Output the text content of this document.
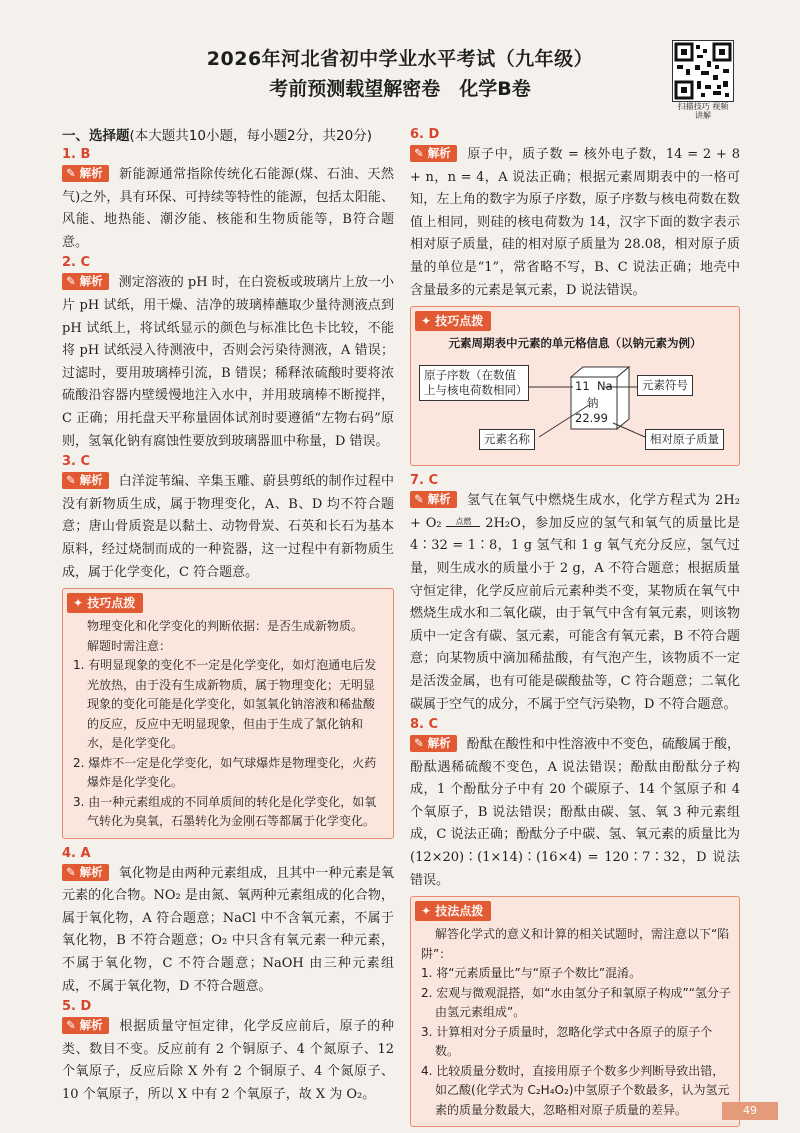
2026年河北省初中学业水平考试（九年级）
考前预测载望解密卷　化学B卷
扫描技巧 视频讲解
一、选择题(本大题共10小题，每小题2分，共20分)
1. B

✎ 解析 新能源通常指除传统化石能源(煤、石油、天然气)之外，具有环保、可持续等特性的能源，包括太阳能、风能、地热能、潮汐能、核能和生物质能等，B符合题意。

2. C

✎ 解析 测定溶液的 pH 时，在白瓷板或玻璃片上放一小片 pH 试纸，用干燥、洁净的玻璃棒蘸取少量待测液点到 pH 试纸上，将试纸显示的颜色与标准比色卡比较，不能将 pH 试纸浸入待测液中，否则会污染待测液，A 错误；过滤时，要用玻璃棒引流，B 错误；稀释浓硫酸时要将浓硫酸沿容器内壁缓慢地注入水中，并用玻璃棒不断搅拌，C 正确；用托盘天平称量固体试剂时要遵循“左物右码”原则，氢氧化钠有腐蚀性要放到玻璃器皿中称量，D 错误。

3. C

✎ 解析 白洋淀苇编、辛集玉雕、蔚县剪纸的制作过程中没有新物质生成，属于物理变化，A、B、D 均不符合题意；唐山骨质瓷是以黏土、动物骨炭、石英和长石为基本原料，经过烧制而成的一种瓷器，这一过程中有新物质生成，属于化学变化，C 符合题意。

✦ 技巧点拨

物理变化和化学变化的判断依据：是否生成新物质。

解题时需注意：

1. 有明显现象的变化不一定是化学变化，如灯泡通电后发光放热，由于没有生成新物质，属于物理变化；无明显现象的变化可能是化学变化，如氢氧化钠溶液和稀盐酸的反应，反应中无明显现象，但由于生成了氯化钠和水，是化学变化。

2. 爆炸不一定是化学变化，如气球爆炸是物理变化，火药爆炸是化学变化。

3. 由一种元素组成的不同单质间的转化是化学变化，如氧气转化为臭氧，石墨转化为金刚石等都属于化学变化。

4. A

✎ 解析 氧化物是由两种元素组成，且其中一种元素是氧元素的化合物。NO₂ 是由氮、氧两种元素组成的化合物，属于氧化物，A 符合题意；NaCl 中不含氧元素，不属于氧化物，B 不符合题意；O₂ 中只含有氧元素一种元素，不属于氧化物，C 不符合题意；NaOH 由三种元素组成，不属于氧化物，D 不符合题意。

5. D

✎ 解析 根据质量守恒定律，化学反应前后，原子的种类、数目不变。反应前有 2 个铜原子、4 个氮原子、12 个氧原子，反应后除 X 外有 2 个铜原子、4 个氮原子、10 个氧原子，所以 X 中有 2 个氧原子，故 X 为 O₂。

6. D

✎ 解析 原子中，质子数 = 核外电子数，14 = 2 + 8 + n，n = 4，A 说法正确；根据元素周期表中的一格可知，左上角的数字为原子序数，原子序数与核电荷数在数值上相同，则硅的核电荷数为 14，汉字下面的数字表示相对原子质量，硅的相对原子质量为 28.08，相对原子质量的单位是“1”，常省略不写，B、C 说法正确；地壳中含量最多的元素是氧元素，D 说法错误。

✦ 技巧点拨
元素周期表中元素的单元格信息（以钠元素为例）
原子序数（在数值上与核电荷数相同）	元素符号
元素名称	相对原子质量
11 Na
钠
22.99
7. C

✎ 解析 氢气在氧气中燃烧生成水，化学方程式为 2H₂ + O₂	点燃	2H₂O，参加反应的氢气和氧气的质量比是 4∶32 = 1∶8，1 g 氢气和 1 g 氧气充分反应，氢气过量，则生成水的质量小于 2 g，A 不符合题意；根据质量守恒定律，化学反应前后元素种类不变，某物质在氧气中燃烧生成水和二氧化碳，由于氧气中含有氧元素，则该物质中一定含有碳、氢元素，可能含有氧元素，B 不符合题意；向某物质中滴加稀盐酸，有气泡产生，该物质不一定是活泼金属，也有可能是碳酸盐等，C 符合题意；二氧化碳属于空气的成分，不属于空气污染物，D 不符合题意。

8. C

✎ 解析 酚酞在酸性和中性溶液中不变色，硫酸属于酸，酚酞遇稀硫酸不变色，A 说法错误；酚酞由酚酞分子构成，1 个酚酞分子中有 20 个碳原子、14 个氢原子和 4 个氧原子，B 说法错误；酚酞由碳、氢、氧 3 种元素组成，C 说法正确；酚酞分子中碳、氢、氧元素的质量比为 (12×20)∶(1×14)∶(16×4) = 120∶7∶32，D 说法错误。

✦ 技法点拨

解答化学式的意义和计算的相关试题时，需注意以下“陷阱”：

1. 将“元素质量比”与“原子个数比”混淆。

2. 宏观与微观混搭，如“水由氢分子和氧原子构成”“氢分子由氢元素组成”。

3. 计算相对分子质量时，忽略化学式中各原子的原子个数。

4. 比较质量分数时，直接用原子个数多少判断导致出错，如乙酸(化学式为 C₂H₄O₂)中氢原子个数最多，认为氢元素的质量分数最大，忽略相对原子质量的差异。	49
